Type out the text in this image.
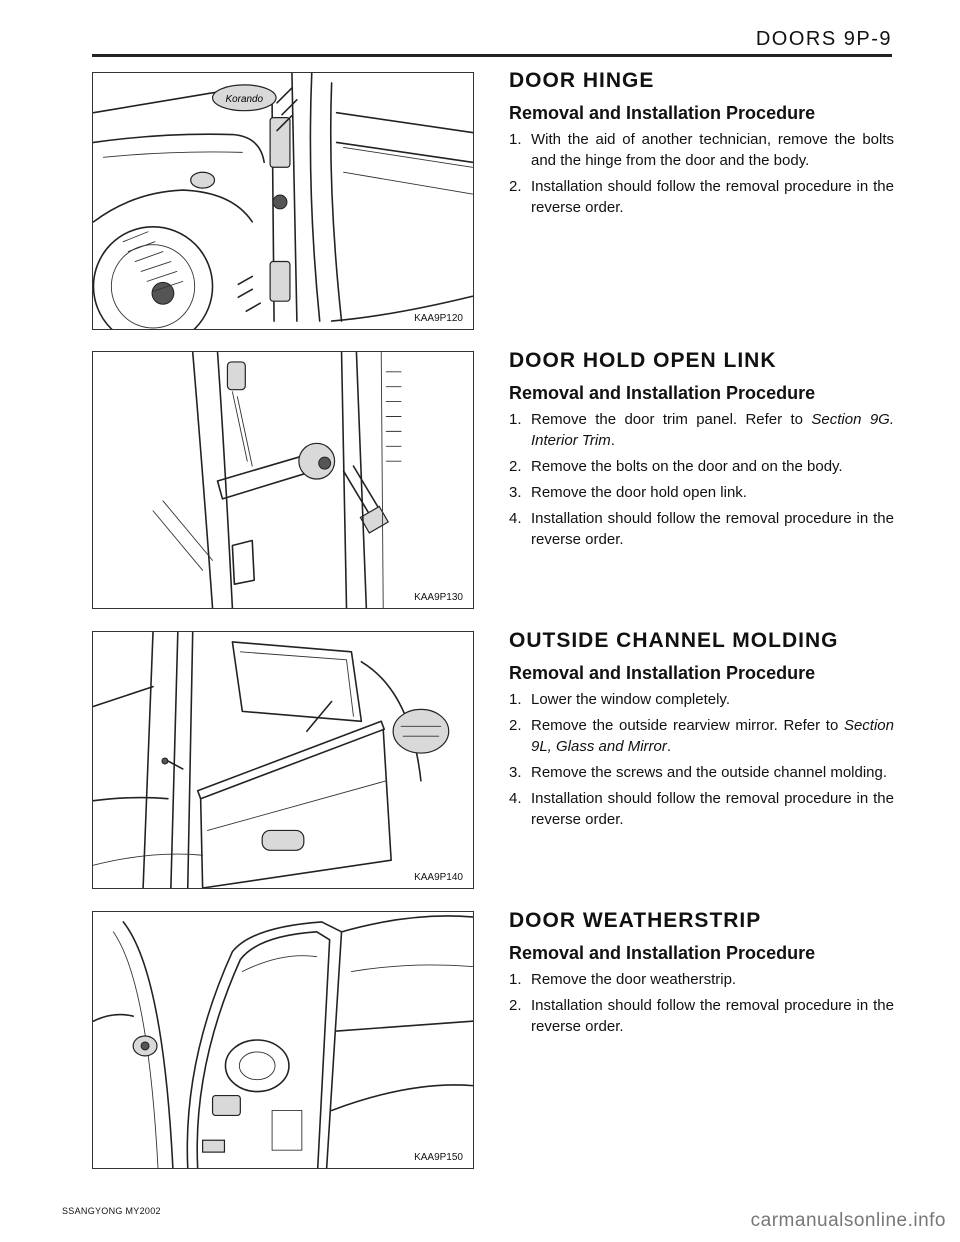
DOORS 9P-9
Korando
KAA9P120
KAA9P130
KAA9P140
KAA9P150
DOOR HINGE
Removal and Installation Procedure
1. With the aid of another technician, remove the bolts and the hinge from the door and the body.
2. Installation should follow the removal procedure in the reverse order.
DOOR HOLD OPEN LINK
Removal and Installation Procedure
1. Remove the door trim panel. Refer to Section 9G. Interior Trim.
2. Remove the bolts on the door and on the body.
3. Remove the door hold open link.
4. Installation should follow the removal procedure in the reverse order.
OUTSIDE CHANNEL MOLDING
Removal and Installation Procedure
1. Lower the window completely.
2. Remove the outside rearview mirror. Refer to Section 9L, Glass and Mirror.
3. Remove the screws and the outside channel molding.
4. Installation should follow the removal procedure in the reverse order.
DOOR WEATHERSTRIP
Removal and Installation Procedure
1. Remove the door weatherstrip.
2. Installation should follow the removal procedure in the reverse order.
SSANGYONG MY2002	carmanualsonline.info
